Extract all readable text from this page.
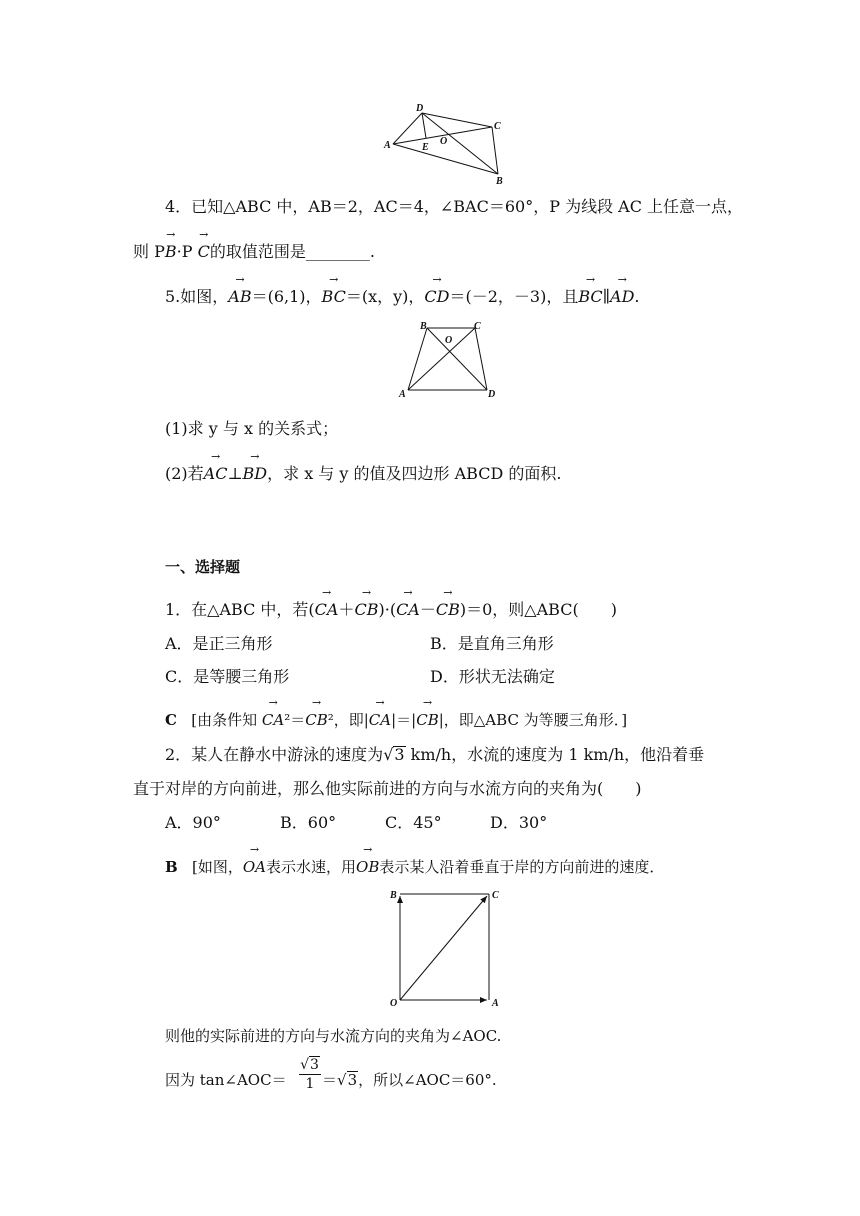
A
D
C
B
E
O
4．已知△ABC 中，AB＝2，AC＝4，∠BAC＝60°，P 为线段 AC 上任意一点，
则 P→ B·P → C的取值范围是________.
5.如图，→ AB＝(6,1)，→ BC＝(x，y)，→ CD＝(－2，－3)，且→ BC∥→ AD.
B	C
A	D
O
(1)求 y 与 x 的关系式；
(2)若→ AC⊥→ BD，求 x 与 y 的值及四边形 ABCD 的面积.
一、选择题
1．在△ABC 中，若(→ CA＋→ CB)·(→ CA－→ CB)＝0，则△ABC(　　)
A．是正三角形	B．是直角三角形
C．是等腰三角形	D．形状无法确定
C [由条件知 → CA²＝→ CB²，即|→ CA|＝|→ CB|，即△ABC 为等腰三角形．]
2．某人在静水中游泳的速度为√3 km/h，水流的速度为 1 km/h，他沿着垂
直于对岸的方向前进，那么他实际前进的方向与水流方向的夹角为(　　)
A．90°	B．60°	C．45°	D．30°
B [如图，→ OA表示水速，用→ OB表示某人沿着垂直于岸的方向前进的速度．
B	C
O	A
则他的实际前进的方向与水流方向的夹角为∠AOC.
因为 tan∠AOC＝ $\frac{√3}{1} =√3$，所以∠AOC＝60°.
